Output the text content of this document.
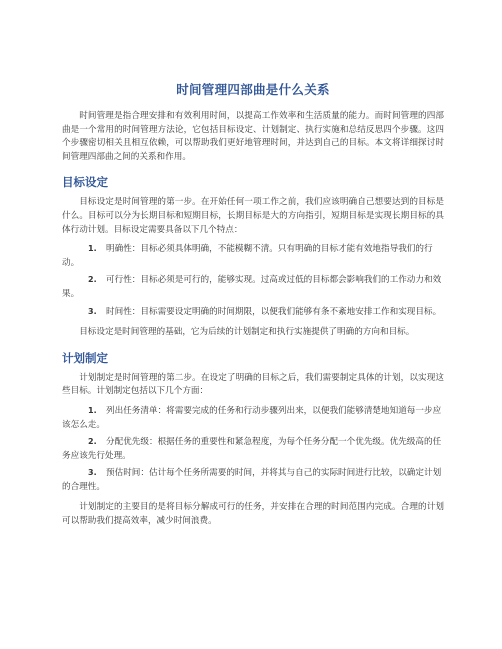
时间管理四部曲是什么关系

时间管理是指合理安排和有效利用时间，以提高工作效率和生活质量的能力。而时间管理的四部曲是一个常用的时间管理方法论，它包括目标设定、计划制定、执行实施和总结反思四个步骤。这四个步骤密切相关且相互依赖，可以帮助我们更好地管理时间，并达到自己的目标。本文将详细探讨时间管理四部曲之间的关系和作用。

目标设定

目标设定是时间管理的第一步。在开始任何一项工作之前，我们应该明确自己想要达到的目标是什么。目标可以分为长期目标和短期目标，长期目标是大的方向指引，短期目标是实现长期目标的具体行动计划。目标设定需要具备以下几个特点：

1. 明确性：目标必须具体明确，不能模糊不清。只有明确的目标才能有效地指导我们的行动。
2. 可行性：目标必须是可行的，能够实现。过高或过低的目标都会影响我们的工作动力和效果。
3. 时间性：目标需要设定明确的时间期限，以便我们能够有条不紊地安排工作和实现目标。

目标设定是时间管理的基础，它为后续的计划制定和执行实施提供了明确的方向和目标。

计划制定

计划制定是时间管理的第二步。在设定了明确的目标之后，我们需要制定具体的计划，以实现这些目标。计划制定包括以下几个方面：

1. 列出任务清单：将需要完成的任务和行动步骤列出来，以便我们能够清楚地知道每一步应该怎么走。
2. 分配优先级：根据任务的重要性和紧急程度，为每个任务分配一个优先级。优先级高的任务应该先行处理。
3. 预估时间：估计每个任务所需要的时间，并将其与自己的实际时间进行比较，以确定计划的合理性。

计划制定的主要目的是将目标分解成可行的任务，并安排在合理的时间范围内完成。合理的计划可以帮助我们提高效率，减少时间浪费。
